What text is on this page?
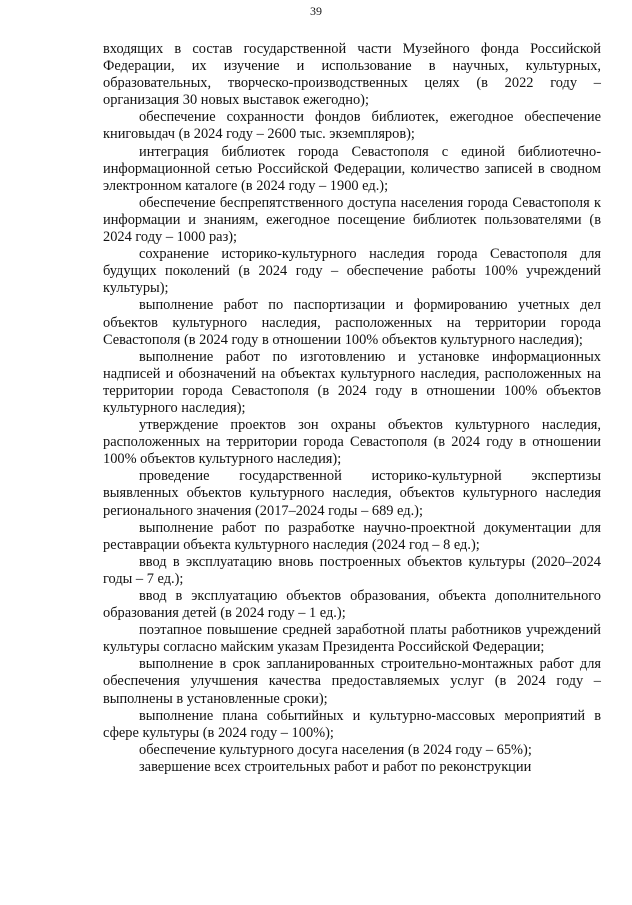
39

входящих в состав государственной части Музейного фонда Российской Федерации, их изучение и использование в научных, культурных, образовательных, творческо-производственных целях (в 2022 году – организация 30 новых выставок ежегодно);

обеспечение сохранности фондов библиотек, ежегодное обеспечение книговыдач (в 2024 году – 2600 тыс. экземпляров);

интеграция библиотек города Севастополя с единой библиотечно-информационной сетью Российской Федерации, количество записей в сводном электронном каталоге (в 2024 году – 1900 ед.);

обеспечение беспрепятственного доступа населения города Севастополя к информации и знаниям, ежегодное посещение библиотек пользователями (в 2024 году – 1000 раз);

сохранение историко-культурного наследия города Севастополя для будущих поколений (в 2024 году – обеспечение работы 100% учреждений культуры);

выполнение работ по паспортизации и формированию учетных дел объектов культурного наследия, расположенных на территории города Севастополя (в 2024 году в отношении 100% объектов культурного наследия);

выполнение работ по изготовлению и установке информационных надписей и обозначений на объектах культурного наследия, расположенных на территории города Севастополя (в 2024 году в отношении 100% объектов культурного наследия);

утверждение проектов зон охраны объектов культурного наследия, расположенных на территории города Севастополя (в 2024 году в отношении 100% объектов культурного наследия);

проведение государственной историко-культурной экспертизы выявленных объектов культурного наследия, объектов культурного наследия регионального значения (2017–2024 годы – 689 ед.);

выполнение работ по разработке научно-проектной документации для реставрации объекта культурного наследия (2024 год – 8 ед.);

ввод в эксплуатацию вновь построенных объектов культуры (2020–2024 годы – 7 ед.);

ввод в эксплуатацию объектов образования, объекта дополнительного образования детей (в 2024 году – 1 ед.);

поэтапное повышение средней заработной платы работников учреждений культуры согласно майским указам Президента Российской Федерации;

выполнение в срок запланированных строительно-монтажных работ для обеспечения улучшения качества предоставляемых услуг (в 2024 году – выполнены в установленные сроки);

выполнение плана событийных и культурно-массовых мероприятий в сфере культуры (в 2024 году – 100%);

обеспечение культурного досуга населения (в 2024 году – 65%);

завершение всех строительных работ и работ по реконструкции
